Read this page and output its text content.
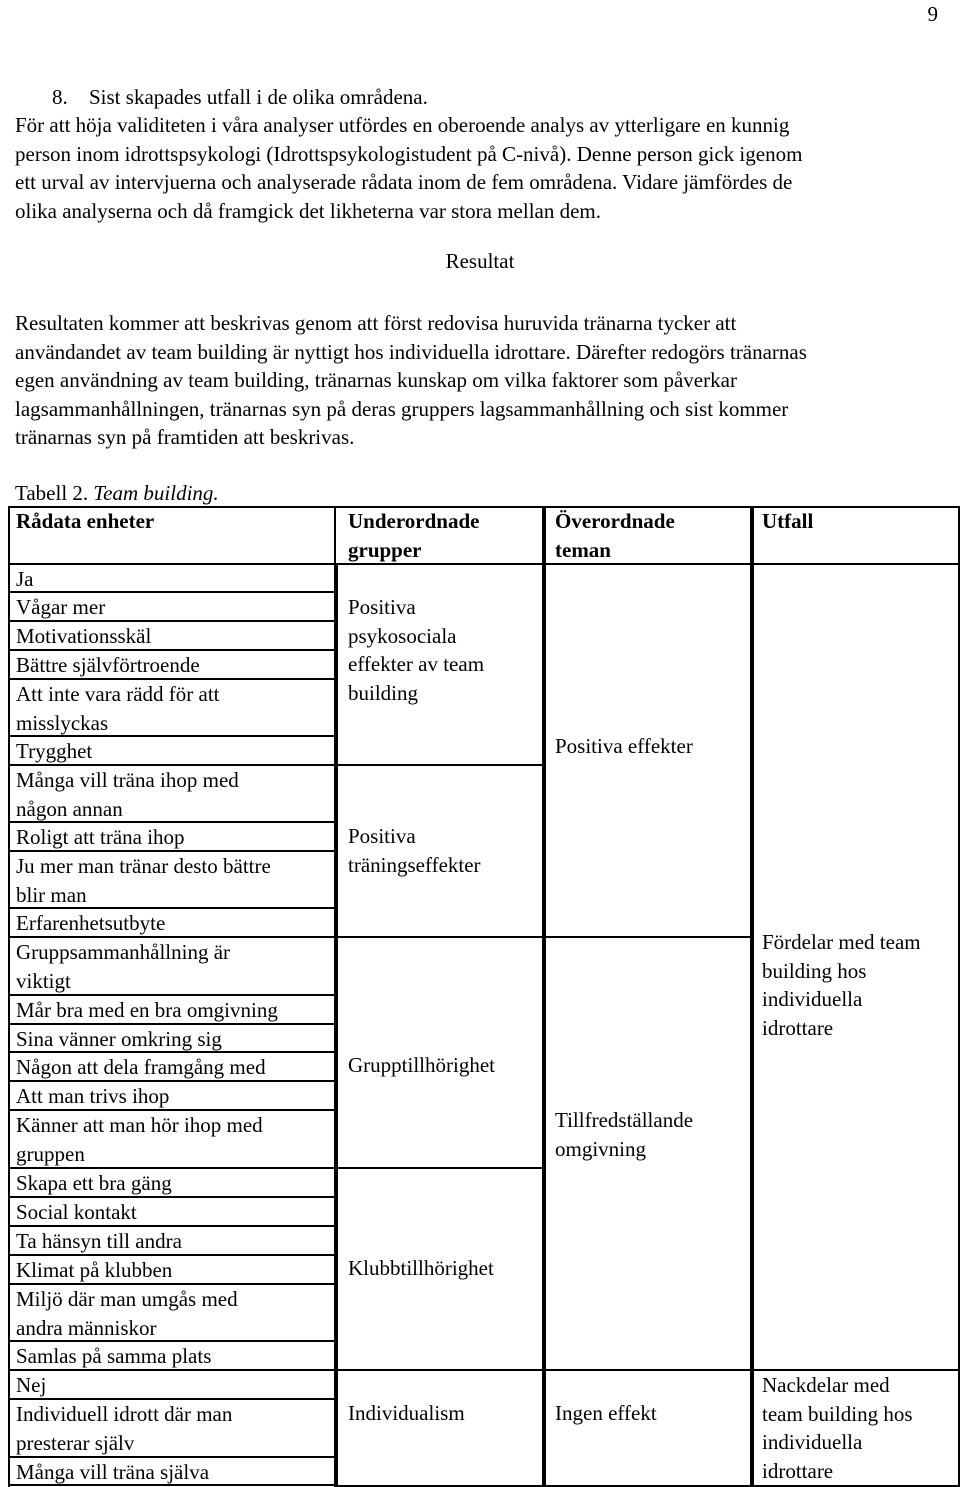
9
8. Sist skapades utfall i de olika områdena.
För att höja validiteten i våra analyser utfördes en oberoende analys av ytterligare en kunnig
person inom idrottspsykologi (Idrottspsykologistudent på C-nivå). Denne person gick igenom
ett urval av intervjuerna och analyserade rådata inom de fem områdena. Vidare jämfördes de
olika analyserna och då framgick det likheterna var stora mellan dem.
Resultat
Resultaten kommer att beskrivas genom att först redovisa huruvida tränarna tycker att
användandet av team building är nyttigt hos individuella idrottare. Därefter redogörs tränarnas
egen användning av team building, tränarnas kunskap om vilka faktorer som påverkar
lagsammanhållningen, tränarnas syn på deras gruppers lagsammanhållning och sist kommer
tränarnas syn på framtiden att beskrivas.
Tabell 2. Team building.
Rådata enheter	Underordnade
grupper
Överordnade
teman
Utfall
Ja
Vågar mer
Motivationsskäl
Bättre självförtroende
Att inte vara rädd för att
misslyckas
Trygghet
Många vill träna ihop med
någon annan
Roligt att träna ihop
Ju mer man tränar desto bättre
blir man
Erfarenhetsutbyte
Gruppsammanhållning är
viktigt
Mår bra med en bra omgivning
Sina vänner omkring sig
Någon att dela framgång med
Att man trivs ihop
Känner att man hör ihop med
gruppen
Skapa ett bra gäng
Social kontakt
Ta hänsyn till andra
Klimat på klubben
Miljö där man umgås med
andra människor
Samlas på samma plats
Nej
Individuell idrott där man
presterar själv
Många vill träna själva
Positiva
psykosociala
effekter av team
building
Positiva
träningseffekter
Grupptillhörighet
Klubbtillhörighet
Individualism
Positiva effekter
Tillfredställande
omgivning
Ingen effekt
Fördelar med team
building hos
individuella
idrottare
Nackdelar med
team building hos
individuella
idrottare
